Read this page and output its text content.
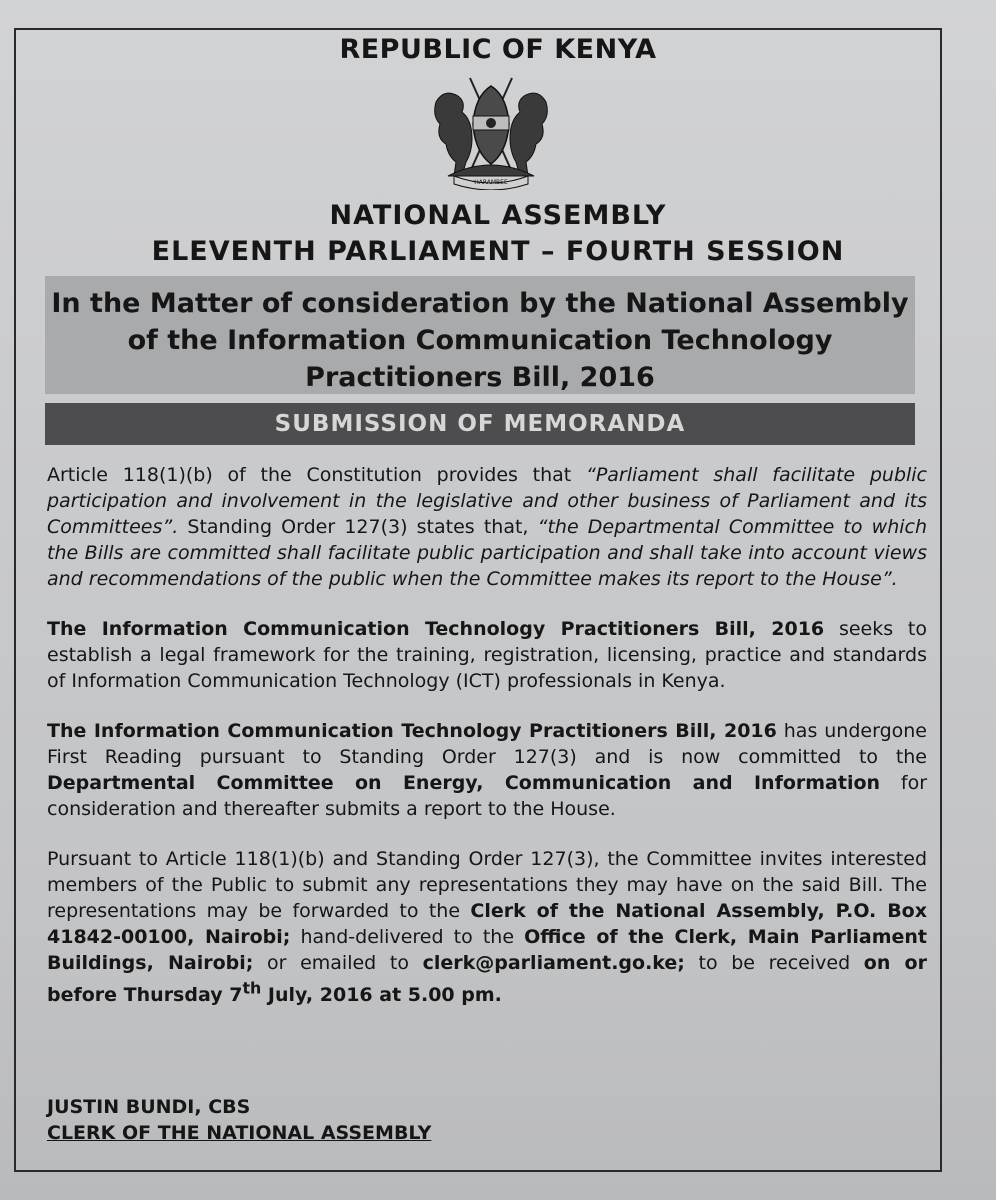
REPUBLIC OF KENYA
HARAMBEE
NATIONAL ASSEMBLY
ELEVENTH PARLIAMENT – FOURTH SESSION
In the Matter of consideration by the National Assembly
of the Information Communication Technology
Practitioners Bill, 2016
SUBMISSION OF MEMORANDA

Article 118(1)(b) of the Constitution provides that “Parliament shall facilitate public participation and involvement in the legislative and other business of Parliament and its Committees”. Standing Order 127(3) states that, “the Departmental Committee to which the Bills are committed shall facilitate public participation and shall take into account views and recommendations of the public when the Committee makes its report to the House”.

The Information Communication Technology Practitioners Bill, 2016 seeks to establish a legal framework for the training, registration, licensing, practice and standards of Information Communication Technology (ICT) professionals in Kenya.

The Information Communication Technology Practitioners Bill, 2016 has undergone First Reading pursuant to Standing Order 127(3) and is now committed to the Departmental Committee on Energy, Communication and Information for consideration and thereafter submits a report to the House.

Pursuant to Article 118(1)(b) and Standing Order 127(3), the Committee invites interested members of the Public to submit any representations they may have on the said Bill. The representations may be forwarded to the Clerk of the National Assembly, P.O. Box 41842-00100, Nairobi; hand-delivered to the Office of the Clerk, Main Parliament Buildings, Nairobi; or emailed to clerk@parliament.go.ke; to be received on or before Thursday 7th July, 2016 at 5.00 pm.

JUSTIN BUNDI, CBS
CLERK OF THE NATIONAL ASSEMBLY
